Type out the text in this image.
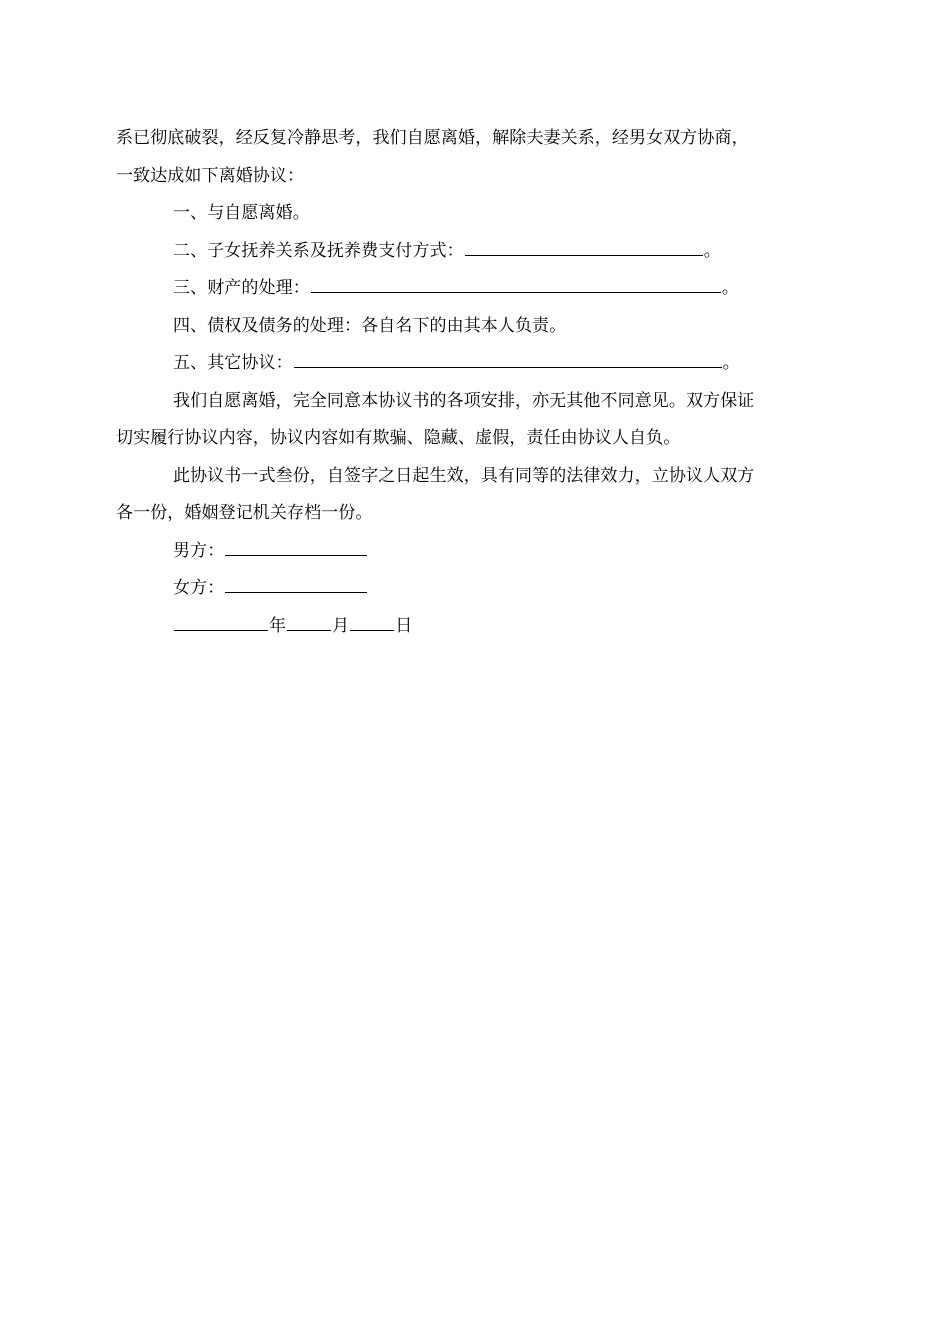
系已彻底破裂，经反复冷静思考，我们自愿离婚，解除夫妻关系，经男女双方协商，
一致达成如下离婚协议：
一、与自愿离婚。
二、子女抚养关系及抚养费支付方式：	。
三、财产的处理：	。
四、债权及债务的处理：各自名下的由其本人负责。
五、其它协议：	。
我们自愿离婚，完全同意本协议书的各项安排，亦无其他不同意见。双方保证
切实履行协议内容，协议内容如有欺骗、隐藏、虚假，责任由协议人自负。
此协议书一式叁份，自签字之日起生效，具有同等的法律效力，立协议人双方
各一份，婚姻登记机关存档一份。
男方：
女方：
年	月	日
